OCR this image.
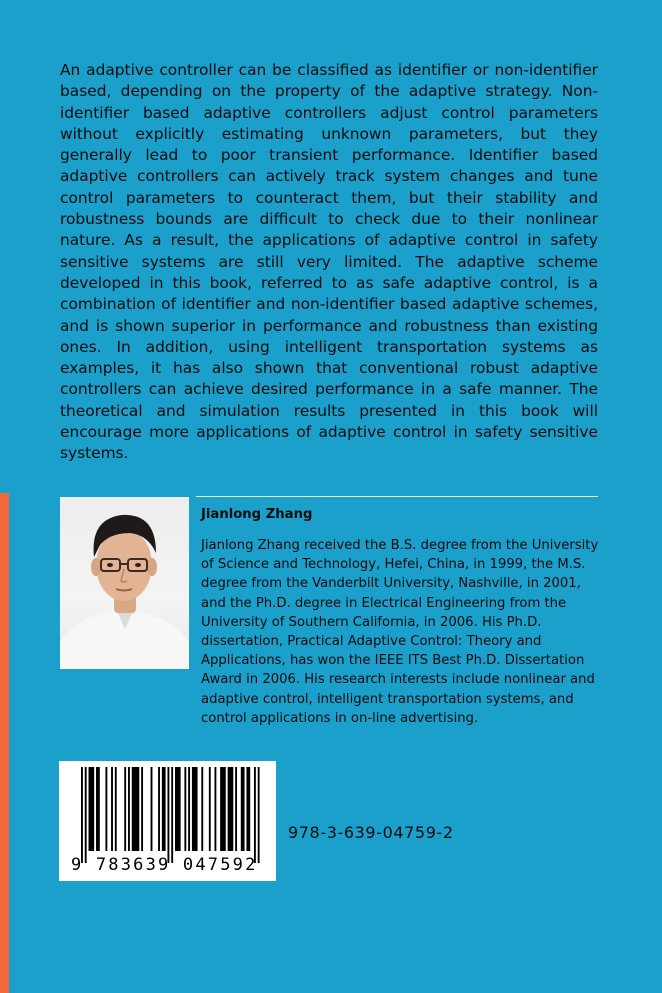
An adaptive controller can be classified as identifier or non-identifier based, depending on the property of the adaptive strategy. Non-identifier based adaptive controllers adjust control parameters without explicitly estimating unknown parameters, but they generally lead to poor transient performance. Identifier based adaptive controllers can actively track system changes and tune control parameters to counteract them, but their stability and robustness bounds are difficult to check due to their nonlinear nature. As a result, the applications of adaptive control in safety sensitive systems are still very limited. The adaptive scheme developed in this book, referred to as safe adaptive control, is a combination of identifier and non-identifier based adaptive schemes, and is shown superior in performance and robustness than existing ones. In addition, using intelligent transportation systems as examples, it has also shown that conventional robust adaptive controllers can achieve desired performance in a safe manner. The theoretical and simulation results presented in this book will encourage more applications of adaptive control in safety sensitive systems.

Jianlong Zhang

Jianlong Zhang received the B.S. degree from the University of Science and Technology, Hefei, China, in 1999, the M.S. degree from the Vanderbilt University, Nashville, in 2001, and the Ph.D. degree in Electrical Engineering from the University of Southern California, in 2006. His Ph.D. dissertation, Practical Adaptive Control: Theory and Applications, has won the IEEE ITS Best Ph.D. Dissertation Award in 2006. His research interests include nonlinear and adaptive control, intelligent transportation systems, and control applications in on-line advertising.

9 783639 047592
978-3-639-04759-2
